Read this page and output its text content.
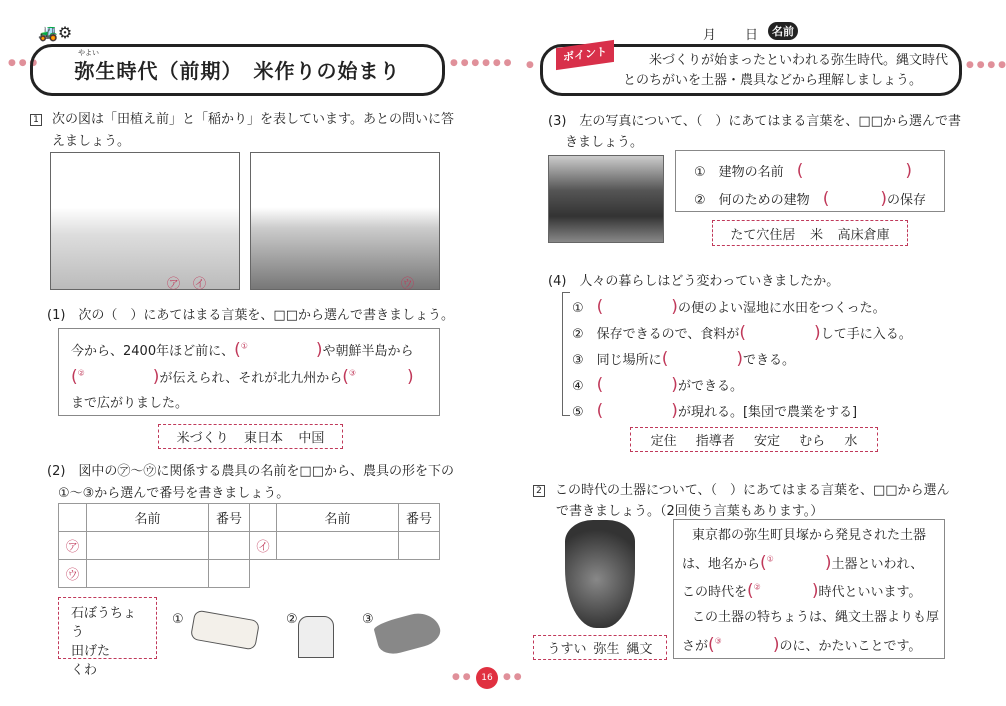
● ● ●	● ● ● ● ● ●
🚜⚙
弥生時代（前期）　米作りの始まり
やよい
1 次の図は「田植え前」と「稲かり」を表しています。あとの問いに答
えましょう。
㋐ ㋑	㋒
(1)　次の（　）にあてはまる言葉を、□□から選んで書きましょう。
今から、2400年ほど前に、(①　　　　)や朝鮮半島から
(②　　　　)が伝えられ、それが北九州から(③　　　)
まで広がりました。
米づくり 東日本 中国
(2)　図中の㋐～㋒に関係する農具の名前を□□から、農具の形を下の
①～③から選んで番号を書きましょう。
	名前	番号		名前	番号
㋐			㋑		
㋒					
石ぼうちょう
田げた
くわ
①	②	③
● ●	16	● ●
月 日	名前
●	● ● ● ●
米づくりが始まったといわれる弥生時代。縄文時代
とのちがいを土器・農具などから理解しましょう。
ポイント
(3)　左の写真について、（　）にあてはまる言葉を、□□から選んで書
きましょう。
①　 建物の名前　 (　　　　　　)
②　 何のための建物　 (　　　)の保存
たて穴住居 米 高床倉庫
(4)　人々の暮らしはどう変わっていきましたか。
①　 (　　　　)の便のよい湿地に水田をつくった。
②　 保存できるので、食料が(　　　　)して手に入る。
③　 同じ場所に(　　　　)できる。
④　 (　　　　)ができる。
⑤　 (　　　　)が現れる。[集団で農業をする]
定住 指導者 安定 むら 水
2 この時代の土器について、（　）にあてはまる言葉を、□□から選ん
で書きましょう。（2回使う言葉もあります。）
うすい 弥生 縄文
東京都の弥生町貝塚から発見された土器
は、地名から(①　　　)土器といわれ、
この時代を(②　　　)時代といいます。
この土器の特ちょうは、縄文土器よりも厚
さが(③　　　)のに、かたいことです。
